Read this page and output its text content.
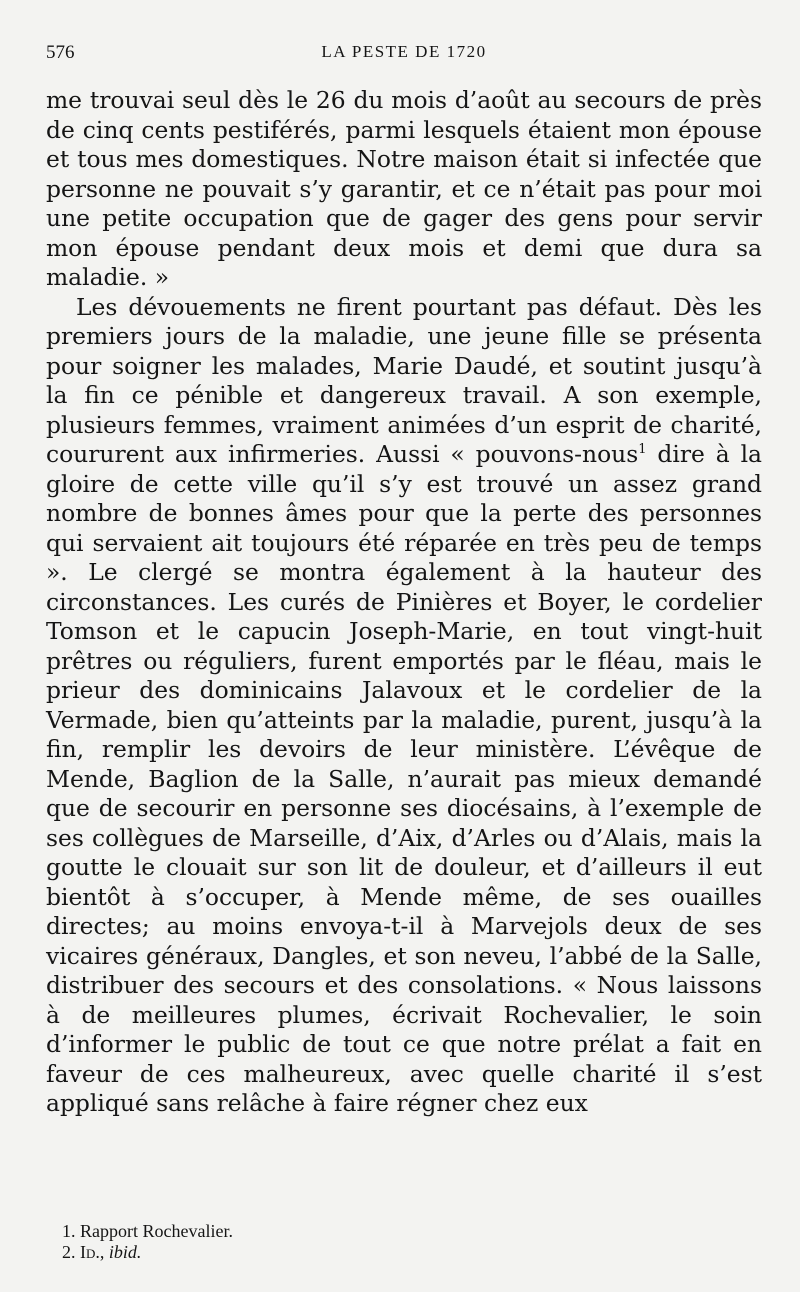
576	LA PESTE DE 1720

me trouvai seul dès le 26 du mois d’août au secours de près de cinq cents pestiférés, parmi lesquels étaient mon épouse et tous mes domestiques. Notre maison était si infectée que personne ne pouvait s’y garantir, et ce n’était pas pour moi une petite occupation que de gager des gens pour servir mon épouse pendant deux mois et demi que dura sa maladie. »

Les dévouements ne firent pourtant pas défaut. Dès les premiers jours de la maladie, une jeune fille se présenta pour soigner les malades, Marie Daudé, et soutint jusqu’à la fin ce pénible et dangereux travail. A son exemple, plusieurs femmes, vraiment animées d’un esprit de charité, coururent aux infirmeries. Aussi « pouvons-nous$^1$ dire à la gloire de cette ville qu’il s’y est trouvé un assez grand nombre de bonnes âmes pour que la perte des personnes qui servaient ait toujours été réparée en très peu de temps ». Le clergé se montra également à la hauteur des circonstances. Les curés de Pinières et Boyer, le cordelier Tomson et le capucin Joseph-Marie, en tout vingt-huit prêtres ou réguliers, furent emportés par le fléau, mais le prieur des dominicains Jalavoux et le cordelier de la Vermade, bien qu’atteints par la maladie, purent, jusqu’à la fin, remplir les devoirs de leur ministère. L’évêque de Mende, Baglion de la Salle, n’aurait pas mieux demandé que de secourir en personne ses diocésains, à l’exemple de ses collègues de Marseille, d’Aix, d’Arles ou d’Alais, mais la goutte le clouait sur son lit de douleur, et d’ailleurs il eut bientôt à s’occuper, à Mende même, de ses ouailles directes; au moins envoya-t-il à Marvejols deux de ses vicaires généraux, Dangles, et son neveu, l’abbé de la Salle, distribuer des secours et des consolations. « Nous laissons à de meilleures plumes, écrivait Rochevalier, le soin d’informer le public de tout ce que notre prélat a fait en faveur de ces malheureux, avec quelle charité il s’est appliqué sans relâche à faire régner chez eux

1. Rapport Rochevalier.
2. Id., ibid.
